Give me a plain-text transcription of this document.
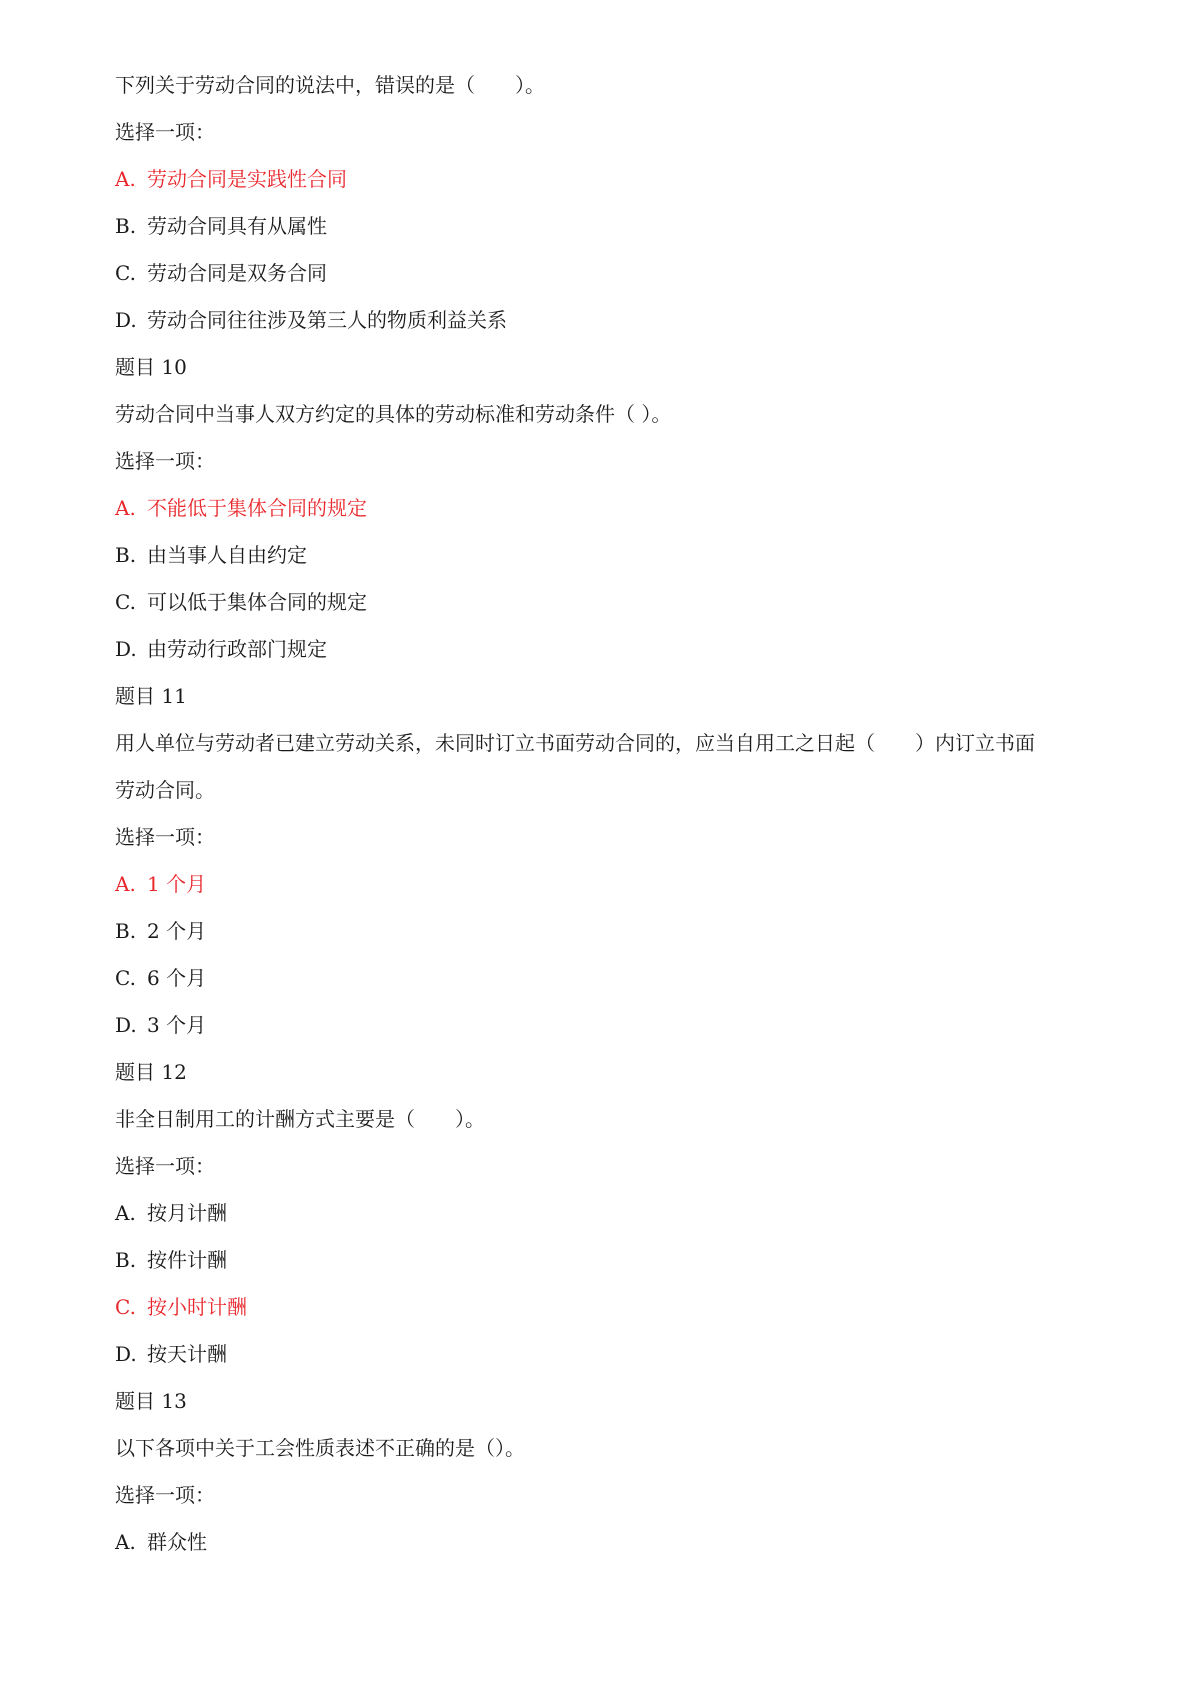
下列关于劳动合同的说法中，错误的是（　　）。
选择一项：
A. 劳动合同是实践性合同
B. 劳动合同具有从属性
C. 劳动合同是双务合同
D. 劳动合同往往涉及第三人的物质利益关系
题目 10
劳动合同中当事人双方约定的具体的劳动标准和劳动条件（ ）。
选择一项：
A. 不能低于集体合同的规定
B. 由当事人自由约定
C. 可以低于集体合同的规定
D. 由劳动行政部门规定
题目 11
用人单位与劳动者已建立劳动关系，未同时订立书面劳动合同的，应当自用工之日起（　　）内订立书面
劳动合同。
选择一项：
A. 1 个月
B. 2 个月
C. 6 个月
D. 3 个月
题目 12
非全日制用工的计酬方式主要是（　　）。
选择一项：
A. 按月计酬
B. 按件计酬
C. 按小时计酬
D. 按天计酬
题目 13
以下各项中关于工会性质表述不正确的是（）。
选择一项：
A. 群众性
